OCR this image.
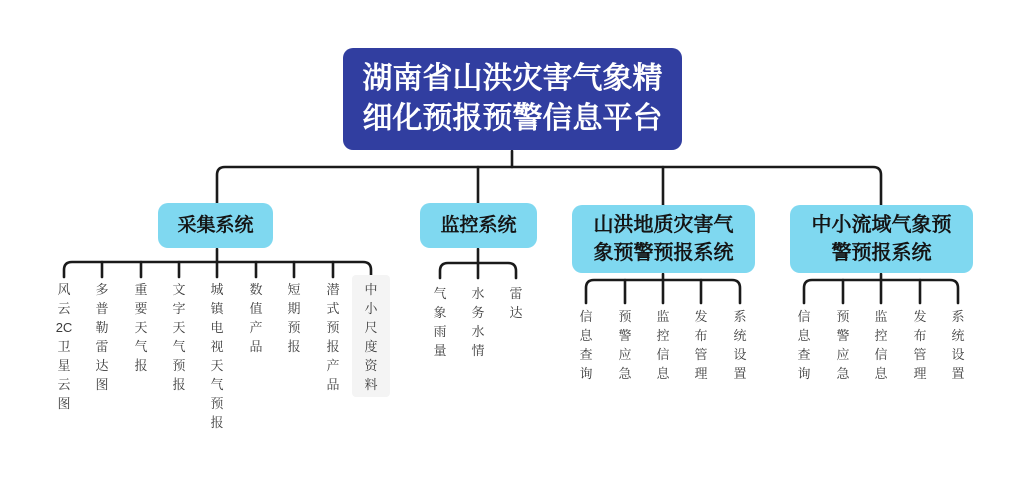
湖南省山洪灾害气象精细化预报预警信息平台
采集系统	监控系统	山洪地质灾害气象预警预报系统
中小流域气象预警预报系统
风云2C卫星云图
多普勒雷达图
重要天气报
文字天气预报
城镇电视天气预报
数值产品
短期预报
潜式预报产品
中小尺度资料
气象雨量
水务水情
雷达	信息查询
预警应急
监控信息
发布管理
系统设置
信息查询
预警应急
监控信息
发布管理
系统设置
